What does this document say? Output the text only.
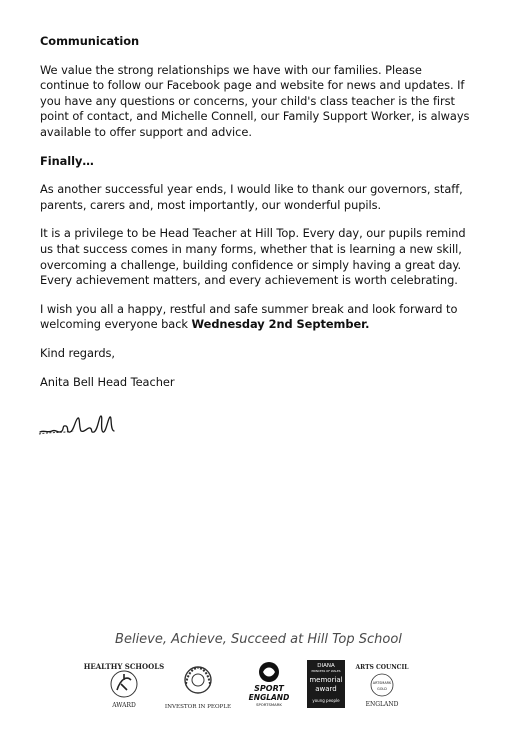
Communication

We value the strong relationships we have with our families. Please continue to follow our Facebook page and website for news and updates. If you have any questions or concerns, your child's class teacher is the first point of contact, and Michelle Connell, our Family Support Worker, is always available to offer support and advice.

Finally…

As another successful year ends, I would like to thank our governors, staff, parents, carers and, most importantly, our wonderful pupils.

It is a privilege to be Head Teacher at Hill Top. Every day, our pupils remind us that success comes in many forms, whether that is learning a new skill, overcoming a challenge, building confidence or simply having a great day. Every achievement matters, and every achievement is worth celebrating.

I wish you all a happy, restful and safe summer break and look forward to welcoming everyone back Wednesday 2nd September.

Kind regards,

Anita Bell Head Teacher

Believe, Achieve, Succeed at Hill Top School
HEALTHY SCHOOLS
AWARD	INVESTOR IN PEOPLE
SPORT
ENGLAND
SPORTSMARK
DIANA
PRINCESS OF WALES
memorial
award
young people
ARTS COUNCIL
ARTSMARK
GOLD
ENGLAND
